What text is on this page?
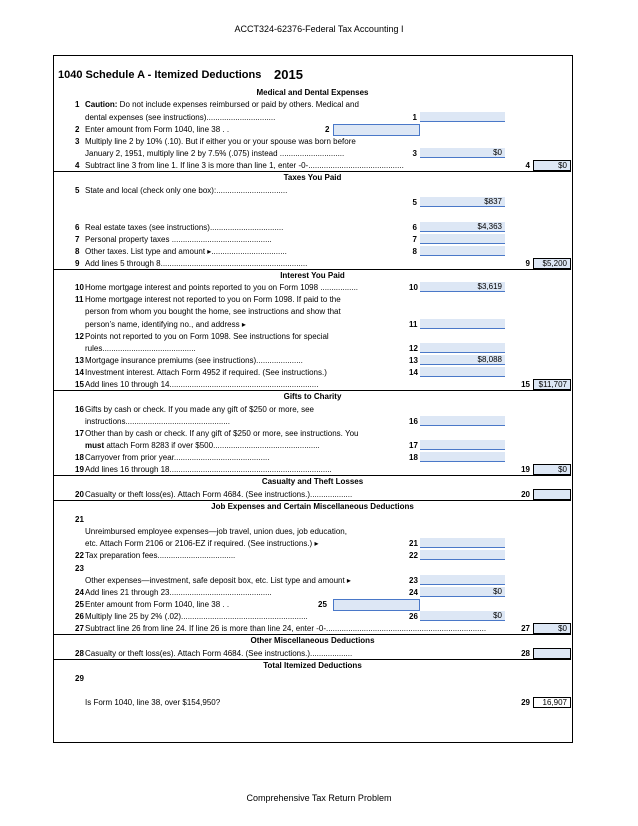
ACCT324-62376-Federal Tax Accounting I
1040 Schedule A - Itemized Deductions 2015
Medical and Dental Expenses
1 Caution: Do not include expenses reimbursed or paid by others. Medical and
dental expenses (see instructions)...............................	1
2 Enter amount from Form 1040, line 38 . .	2
3 Multiply line 2 by 10% (.10). But if either you or your spouse was born before
January 2, 1951, multiply line 2 by 7.5% (.075) instead .............................	3	$0
4 Subtract line 3 from line 1. If line 3 is more than line 1, enter -0-...........................................	4	$0
Taxes You Paid
5 State and local (check only one box):................................
5	$837
6 Real estate taxes (see instructions).................................	6	$4,363
7 Personal property taxes .............................................	7
8 Other taxes. List type and amount ▸..................................	8
9 Add lines 5 through 8..................................................................	9	$5,200
Interest You Paid
10 Home mortgage interest and points reported to you on Form 1098 .................	10	$3,619
11 Home mortgage interest not reported to you on Form 1098. If paid to the
person from whom you bought the home, see instructions and show that
person’s name, identifying no., and address ▸	11
12 Points not reported to you on Form 1098. See instructions for special
rules..........................................	12
13 Mortgage insurance premiums (see instructions).....................	13	$8,088
14 Investment interest. Attach Form 4952 if required. (See instructions.)	14
15 Add lines 10 through 14...................................................................	15	$11,707
Gifts to Charity
16 Gifts by cash or check. If you made any gift of $250 or more, see
instructions...............................................	16
17 Other than by cash or check. If any gift of $250 or more, see instructions. You
must attach Form 8283 if over $500................................................	17
18 Carryover from prior year...........................................	18
19 Add lines 16 through 18.........................................................................	19	$0
Casualty and Theft Losses
20 Casualty or theft loss(es). Attach Form 4684. (See instructions.)...................	20
Job Expenses and Certain Miscellaneous Deductions
21
Unreimbursed employee expenses—job travel, union dues, job education,
etc. Attach Form 2106 or 2106-EZ if required. (See instructions.) ▸	21
22 Tax preparation fees...................................	22
23
Other expenses—investment, safe deposit box, etc. List type and amount ▸	23
24 Add lines 21 through 23..............................................	24	$0
25 Enter amount from Form 1040, line 38 . .	25
26 Multiply line 25 by 2% (.02).........................................................	26	$0
27 Subtract line 26 from line 24. If line 26 is more than line 24, enter -0-........................................................................	27	$0
Other Miscellaneous Deductions
28 Casualty or theft loss(es). Attach Form 4684. (See instructions.)...................	28
Total Itemized Deductions
29
Is Form 1040, line 38, over $154,950?	29	16,907
Comprehensive Tax Return Problem
